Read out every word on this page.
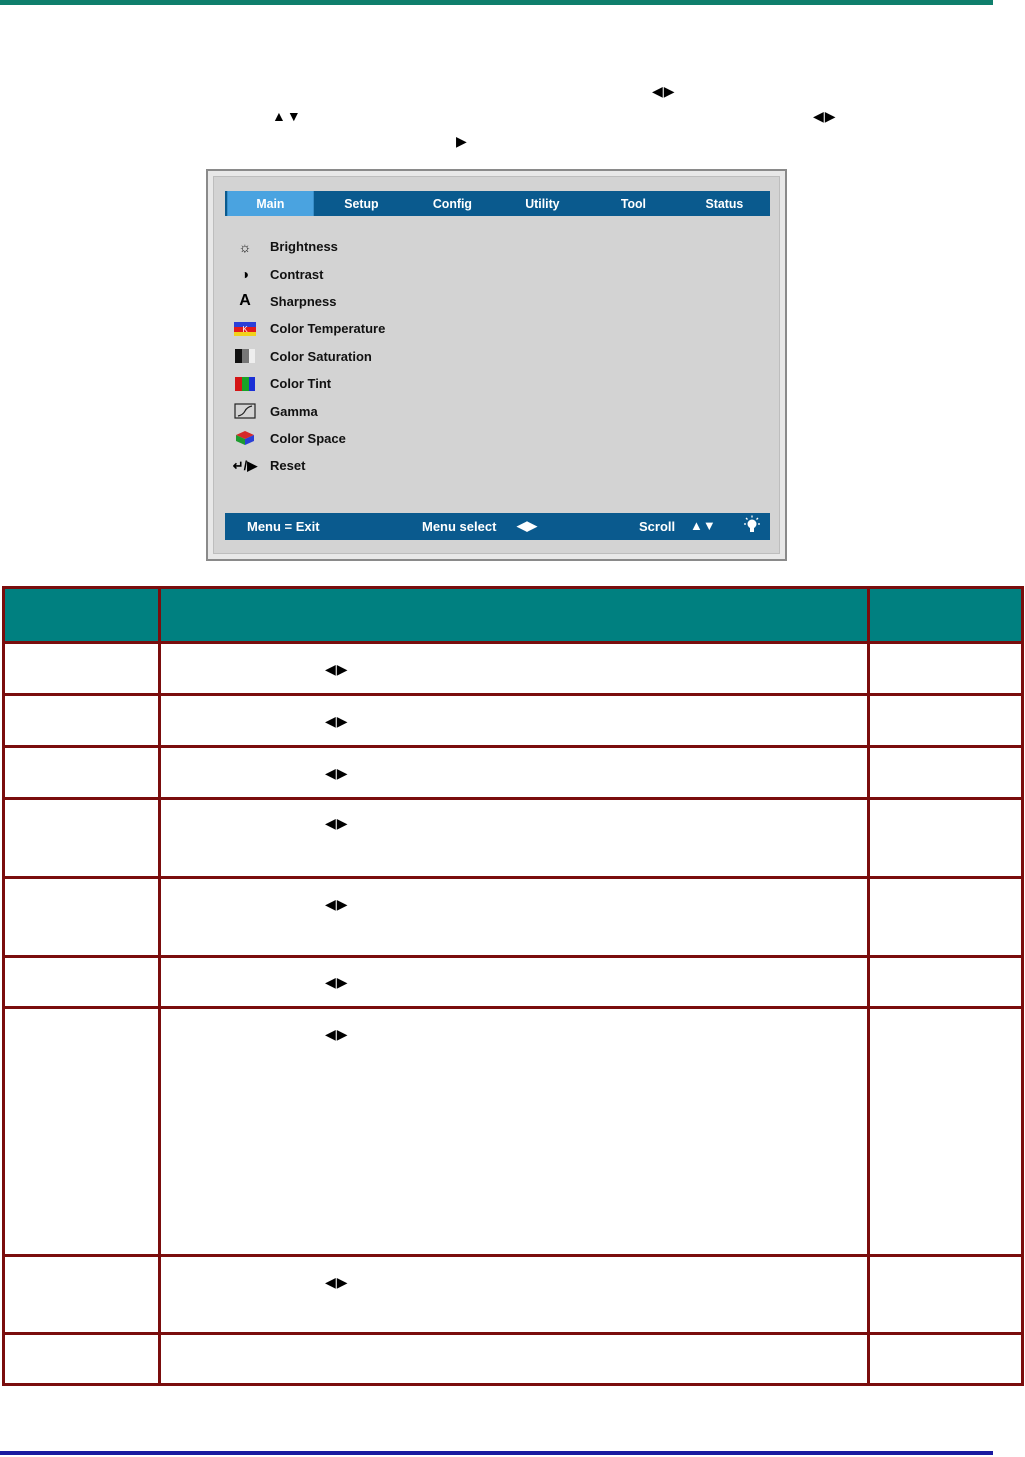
◀▶
▲▼	◀▶
▶
Main	Setup	Config	Utility	Tool	Status
☼	Brightness
◑	Contrast
A	Sharpness
K Color Temperature
Color Saturation
Color Tint
Gamma
Color Space
↵/▶ Reset
Menu = Exit	Menu select ◀▶	Scroll ▲▼
◀▶
◀▶
◀▶
◀▶
◀▶
◀▶
◀▶
◀▶
